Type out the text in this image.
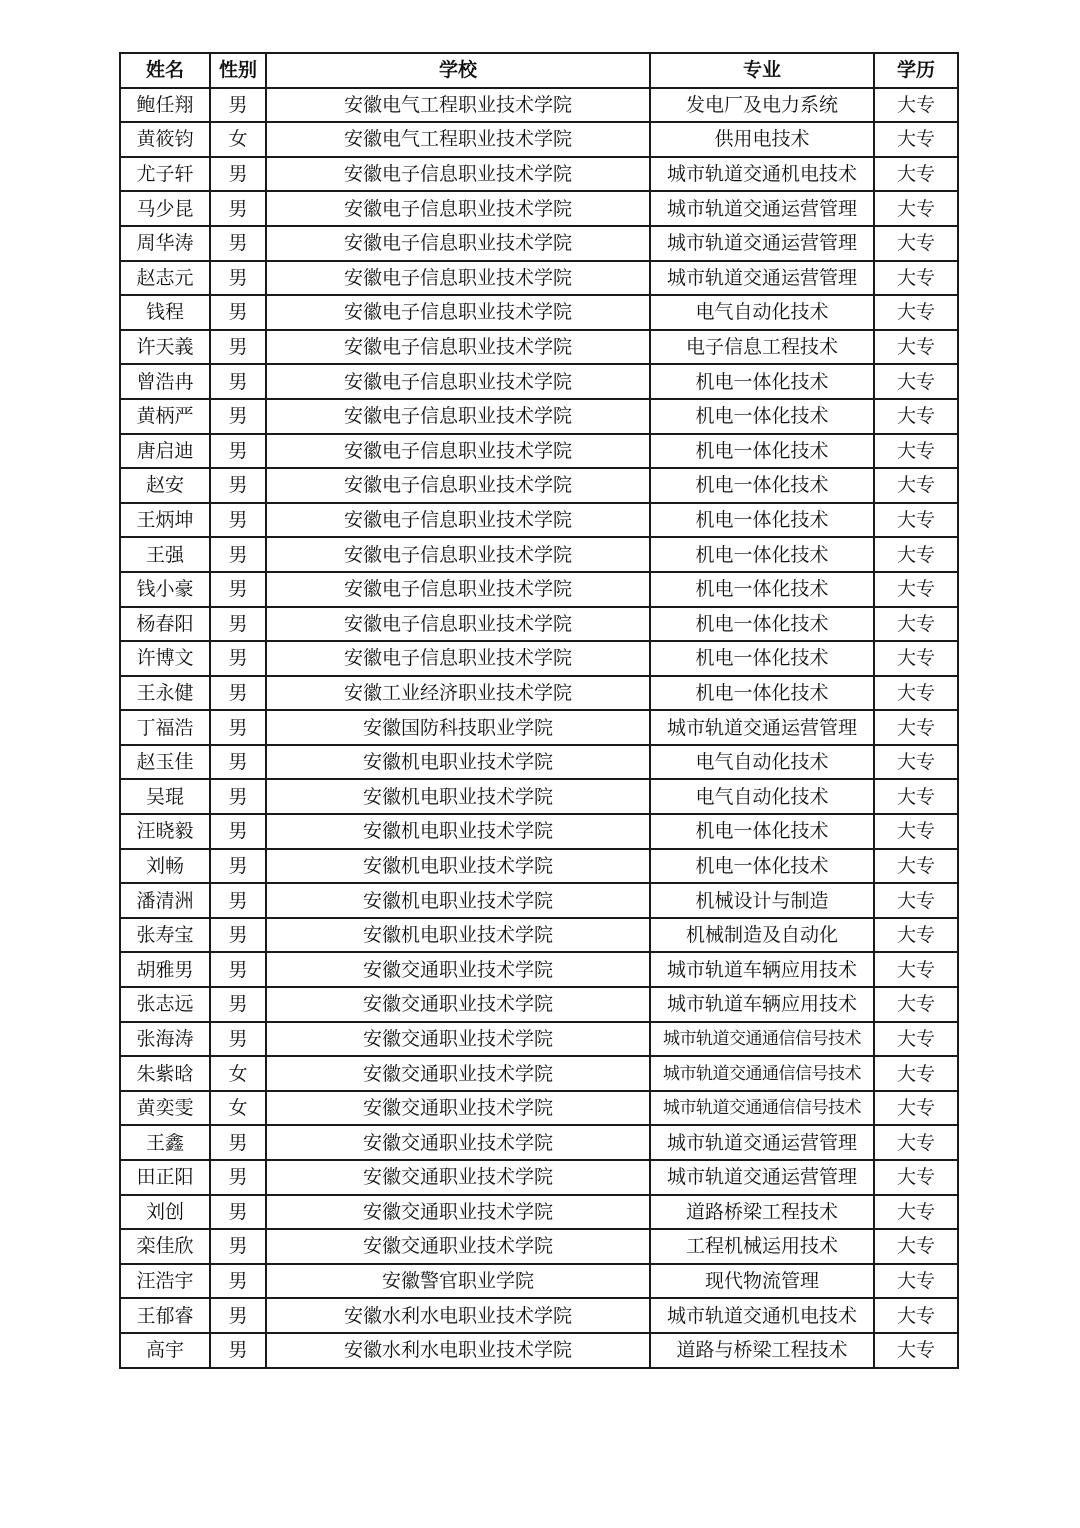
姓名	性别	学校	专业	学历
鲍任翔	男	安徽电气工程职业技术学院	发电厂及电力系统	大专
黄筱钧	女	安徽电气工程职业技术学院	供用电技术	大专
尤子轩	男	安徽电子信息职业技术学院	城市轨道交通机电技术	大专
马少昆	男	安徽电子信息职业技术学院	城市轨道交通运营管理	大专
周华涛	男	安徽电子信息职业技术学院	城市轨道交通运营管理	大专
赵志元	男	安徽电子信息职业技术学院	城市轨道交通运营管理	大专
钱程	男	安徽电子信息职业技术学院	电气自动化技术	大专
许天義	男	安徽电子信息职业技术学院	电子信息工程技术	大专
曾浩冉	男	安徽电子信息职业技术学院	机电一体化技术	大专
黄柄严	男	安徽电子信息职业技术学院	机电一体化技术	大专
唐启迪	男	安徽电子信息职业技术学院	机电一体化技术	大专
赵安	男	安徽电子信息职业技术学院	机电一体化技术	大专
王炳坤	男	安徽电子信息职业技术学院	机电一体化技术	大专
王强	男	安徽电子信息职业技术学院	机电一体化技术	大专
钱小豪	男	安徽电子信息职业技术学院	机电一体化技术	大专
杨春阳	男	安徽电子信息职业技术学院	机电一体化技术	大专
许博文	男	安徽电子信息职业技术学院	机电一体化技术	大专
王永健	男	安徽工业经济职业技术学院	机电一体化技术	大专
丁福浩	男	安徽国防科技职业学院	城市轨道交通运营管理	大专
赵玉佳	男	安徽机电职业技术学院	电气自动化技术	大专
吴琨	男	安徽机电职业技术学院	电气自动化技术	大专
汪晓毅	男	安徽机电职业技术学院	机电一体化技术	大专
刘畅	男	安徽机电职业技术学院	机电一体化技术	大专
潘清洲	男	安徽机电职业技术学院	机械设计与制造	大专
张寿宝	男	安徽机电职业技术学院	机械制造及自动化	大专
胡雅男	男	安徽交通职业技术学院	城市轨道车辆应用技术	大专
张志远	男	安徽交通职业技术学院	城市轨道车辆应用技术	大专
张海涛	男	安徽交通职业技术学院	城市轨道交通通信信号技术	大专
朱紫晗	女	安徽交通职业技术学院	城市轨道交通通信信号技术	大专
黄奕雯	女	安徽交通职业技术学院	城市轨道交通通信信号技术	大专
王鑫	男	安徽交通职业技术学院	城市轨道交通运营管理	大专
田正阳	男	安徽交通职业技术学院	城市轨道交通运营管理	大专
刘创	男	安徽交通职业技术学院	道路桥梁工程技术	大专
栾佳欣	男	安徽交通职业技术学院	工程机械运用技术	大专
汪浩宇	男	安徽警官职业学院	现代物流管理	大专
王郁睿	男	安徽水利水电职业技术学院	城市轨道交通机电技术	大专
高宇	男	安徽水利水电职业技术学院	道路与桥梁工程技术	大专
